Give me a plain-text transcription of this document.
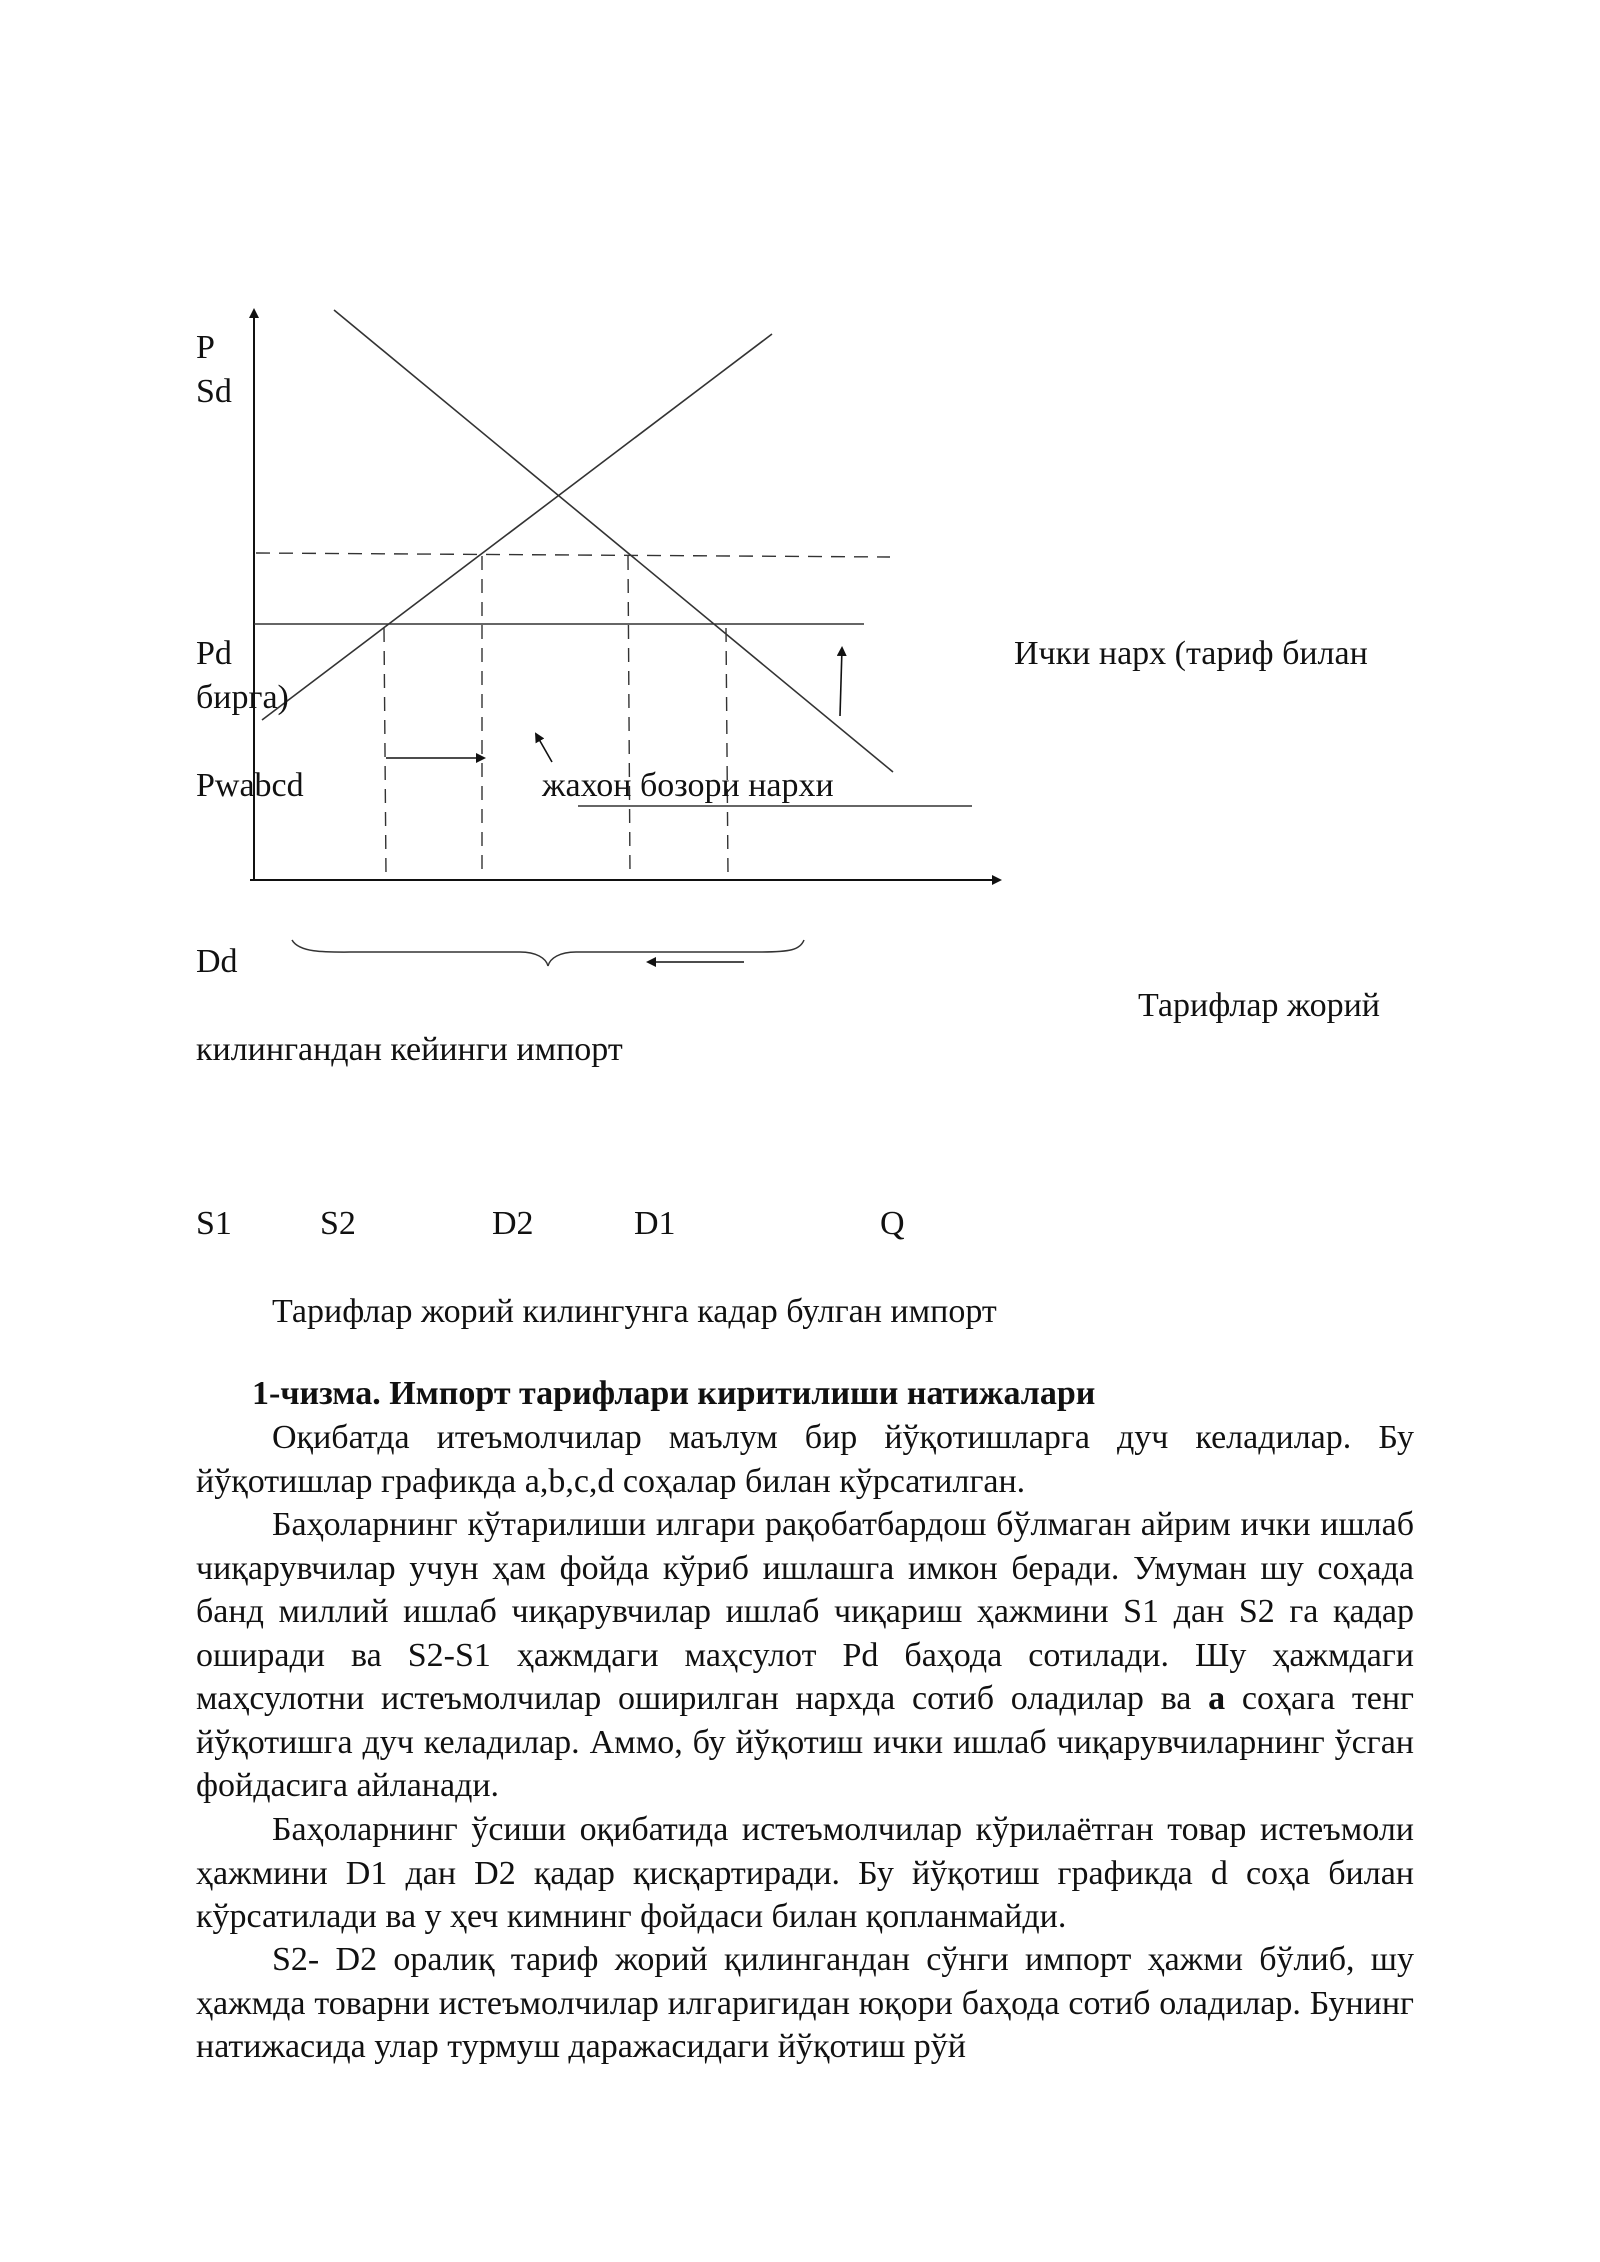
P
Sd
Pd	Ички нарх (тариф билан
бирга)
Pwabcd	жахон бозори нархи
Dd
Тарифлар жорий
килингандан кейинги импорт
S1	S2	D2	D1	Q
Тарифлар жорий килингунга кадар булган импорт
1-чизма. Импорт тарифлари киритилиши натижалари

Оқибатда итеъмолчилар маълум бир йўқотишларга дуч келадилар. Бу йўқотишлар графикда a,b,c,d соҳалар билан кўрсатилган.

Баҳоларнинг кўтарилиши илгари рақобатбардош бўлмаган айрим ички ишлаб чиқарувчилар учун ҳам фойда кўриб ишлашга имкон беради. Умуман шу соҳада банд миллий ишлаб чиқарувчилар ишлаб чиқариш ҳажмини S1 дан S2 га қадар оширади ва S2-S1 ҳажмдаги маҳсулот Pd баҳода сотилади. Шу ҳажмдаги маҳсулотни истеъмолчилар оширилган нархда сотиб оладилар ва a соҳага тенг йўқотишга дуч келадилар. Аммо, бу йўқотиш ички ишлаб чиқарувчиларнинг ўсган фойдасига айланади.

Баҳоларнинг ўсиши оқибатида истеъмолчилар кўрилаётган товар истеъмоли ҳажмини D1 дан D2 қадар қисқартиради. Бу йўқотиш графикда d соҳа билан кўрсатилади ва у ҳеч кимнинг фойдаси билан қопланмайди.

S2- D2 оралиқ тариф жорий қилингандан сўнги импорт ҳажми бўлиб, шу ҳажмда товарни истеъмолчилар илгаригидан юқори баҳода сотиб оладилар. Бунинг натижасида улар турмуш даражасидаги йўқотиш рўй
